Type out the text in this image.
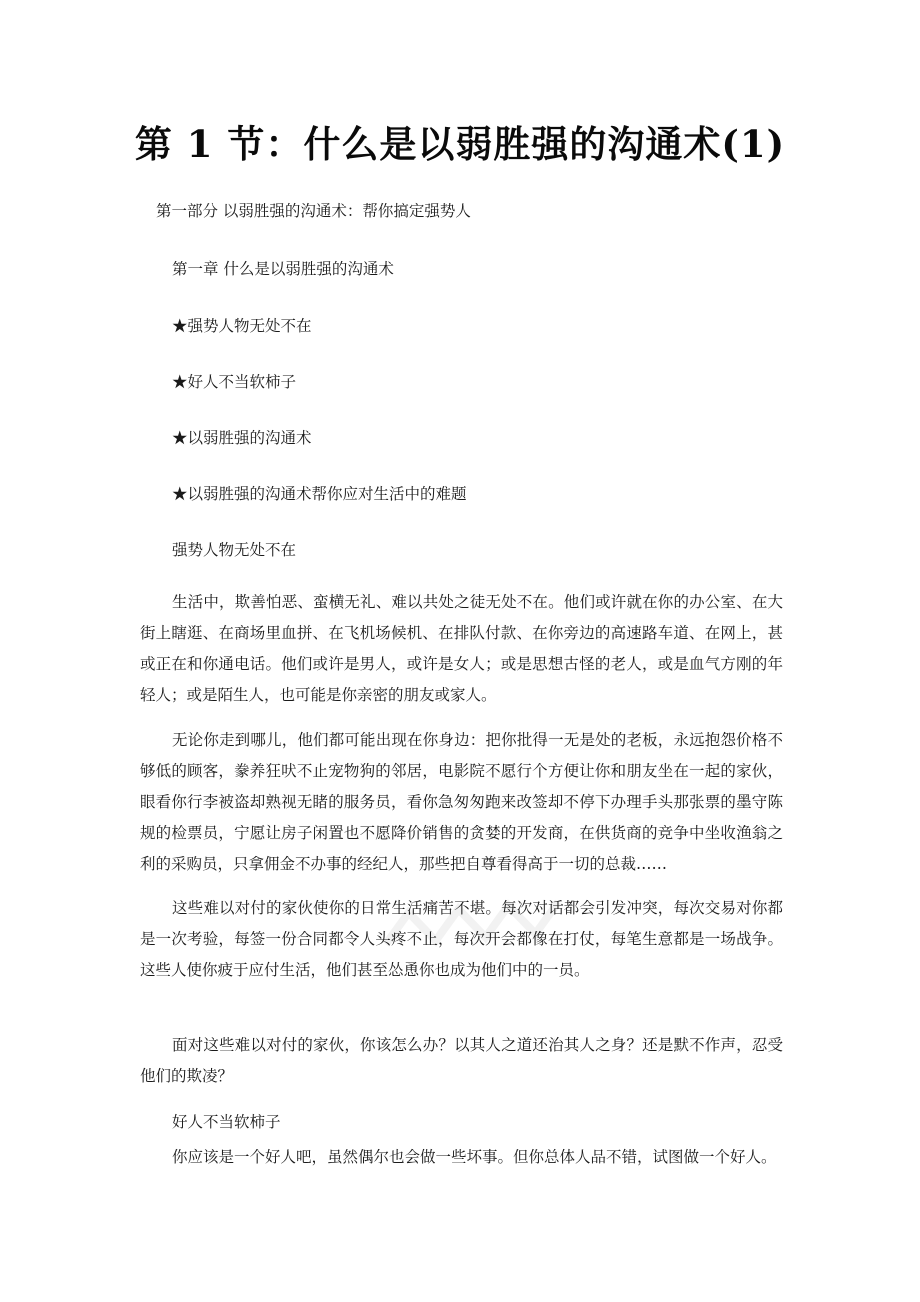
第 1 节：什么是以弱胜强的沟通术(1)
第一部分 以弱胜强的沟通术：帮你搞定强势人
第一章 什么是以弱胜强的沟通术
★强势人物无处不在
★好人不当软柿子
★以弱胜强的沟通术
★以弱胜强的沟通术帮你应对生活中的难题
强势人物无处不在
生活中，欺善怕恶、蛮横无礼、难以共处之徒无处不在。他们或许就在你的办公室、在大街上瞎逛、在商场里血拼、在飞机场候机、在排队付款、在你旁边的高速路车道、在网上，甚或正在和你通电话。他们或许是男人，或许是女人；或是思想古怪的老人，或是血气方刚的年轻人；或是陌生人，也可能是你亲密的朋友或家人。
无论你走到哪儿，他们都可能出现在你身边：把你批得一无是处的老板，永远抱怨价格不够低的顾客，豢养狂吠不止宠物狗的邻居，电影院不愿行个方便让你和朋友坐在一起的家伙，眼看你行李被盗却熟视无睹的服务员，看你急匆匆跑来改签却不停下办理手头那张票的墨守陈规的检票员，宁愿让房子闲置也不愿降价销售的贪婪的开发商，在供货商的竞争中坐收渔翁之利的采购员，只拿佣金不办事的经纪人，那些把自尊看得高于一切的总裁……
这些难以对付的家伙使你的日常生活痛苦不堪。每次对话都会引发冲突，每次交易对你都是一次考验，每签一份合同都令人头疼不止，每次开会都像在打仗，每笔生意都是一场战争。这些人使你疲于应付生活，他们甚至怂恿你也成为他们中的一员。
面对这些难以对付的家伙，你该怎么办？以其人之道还治其人之身？还是默不作声，忍受他们的欺凌？
好人不当软柿子
你应该是一个好人吧，虽然偶尔也会做一些坏事。但你总体人品不错，试图做一个好人。
